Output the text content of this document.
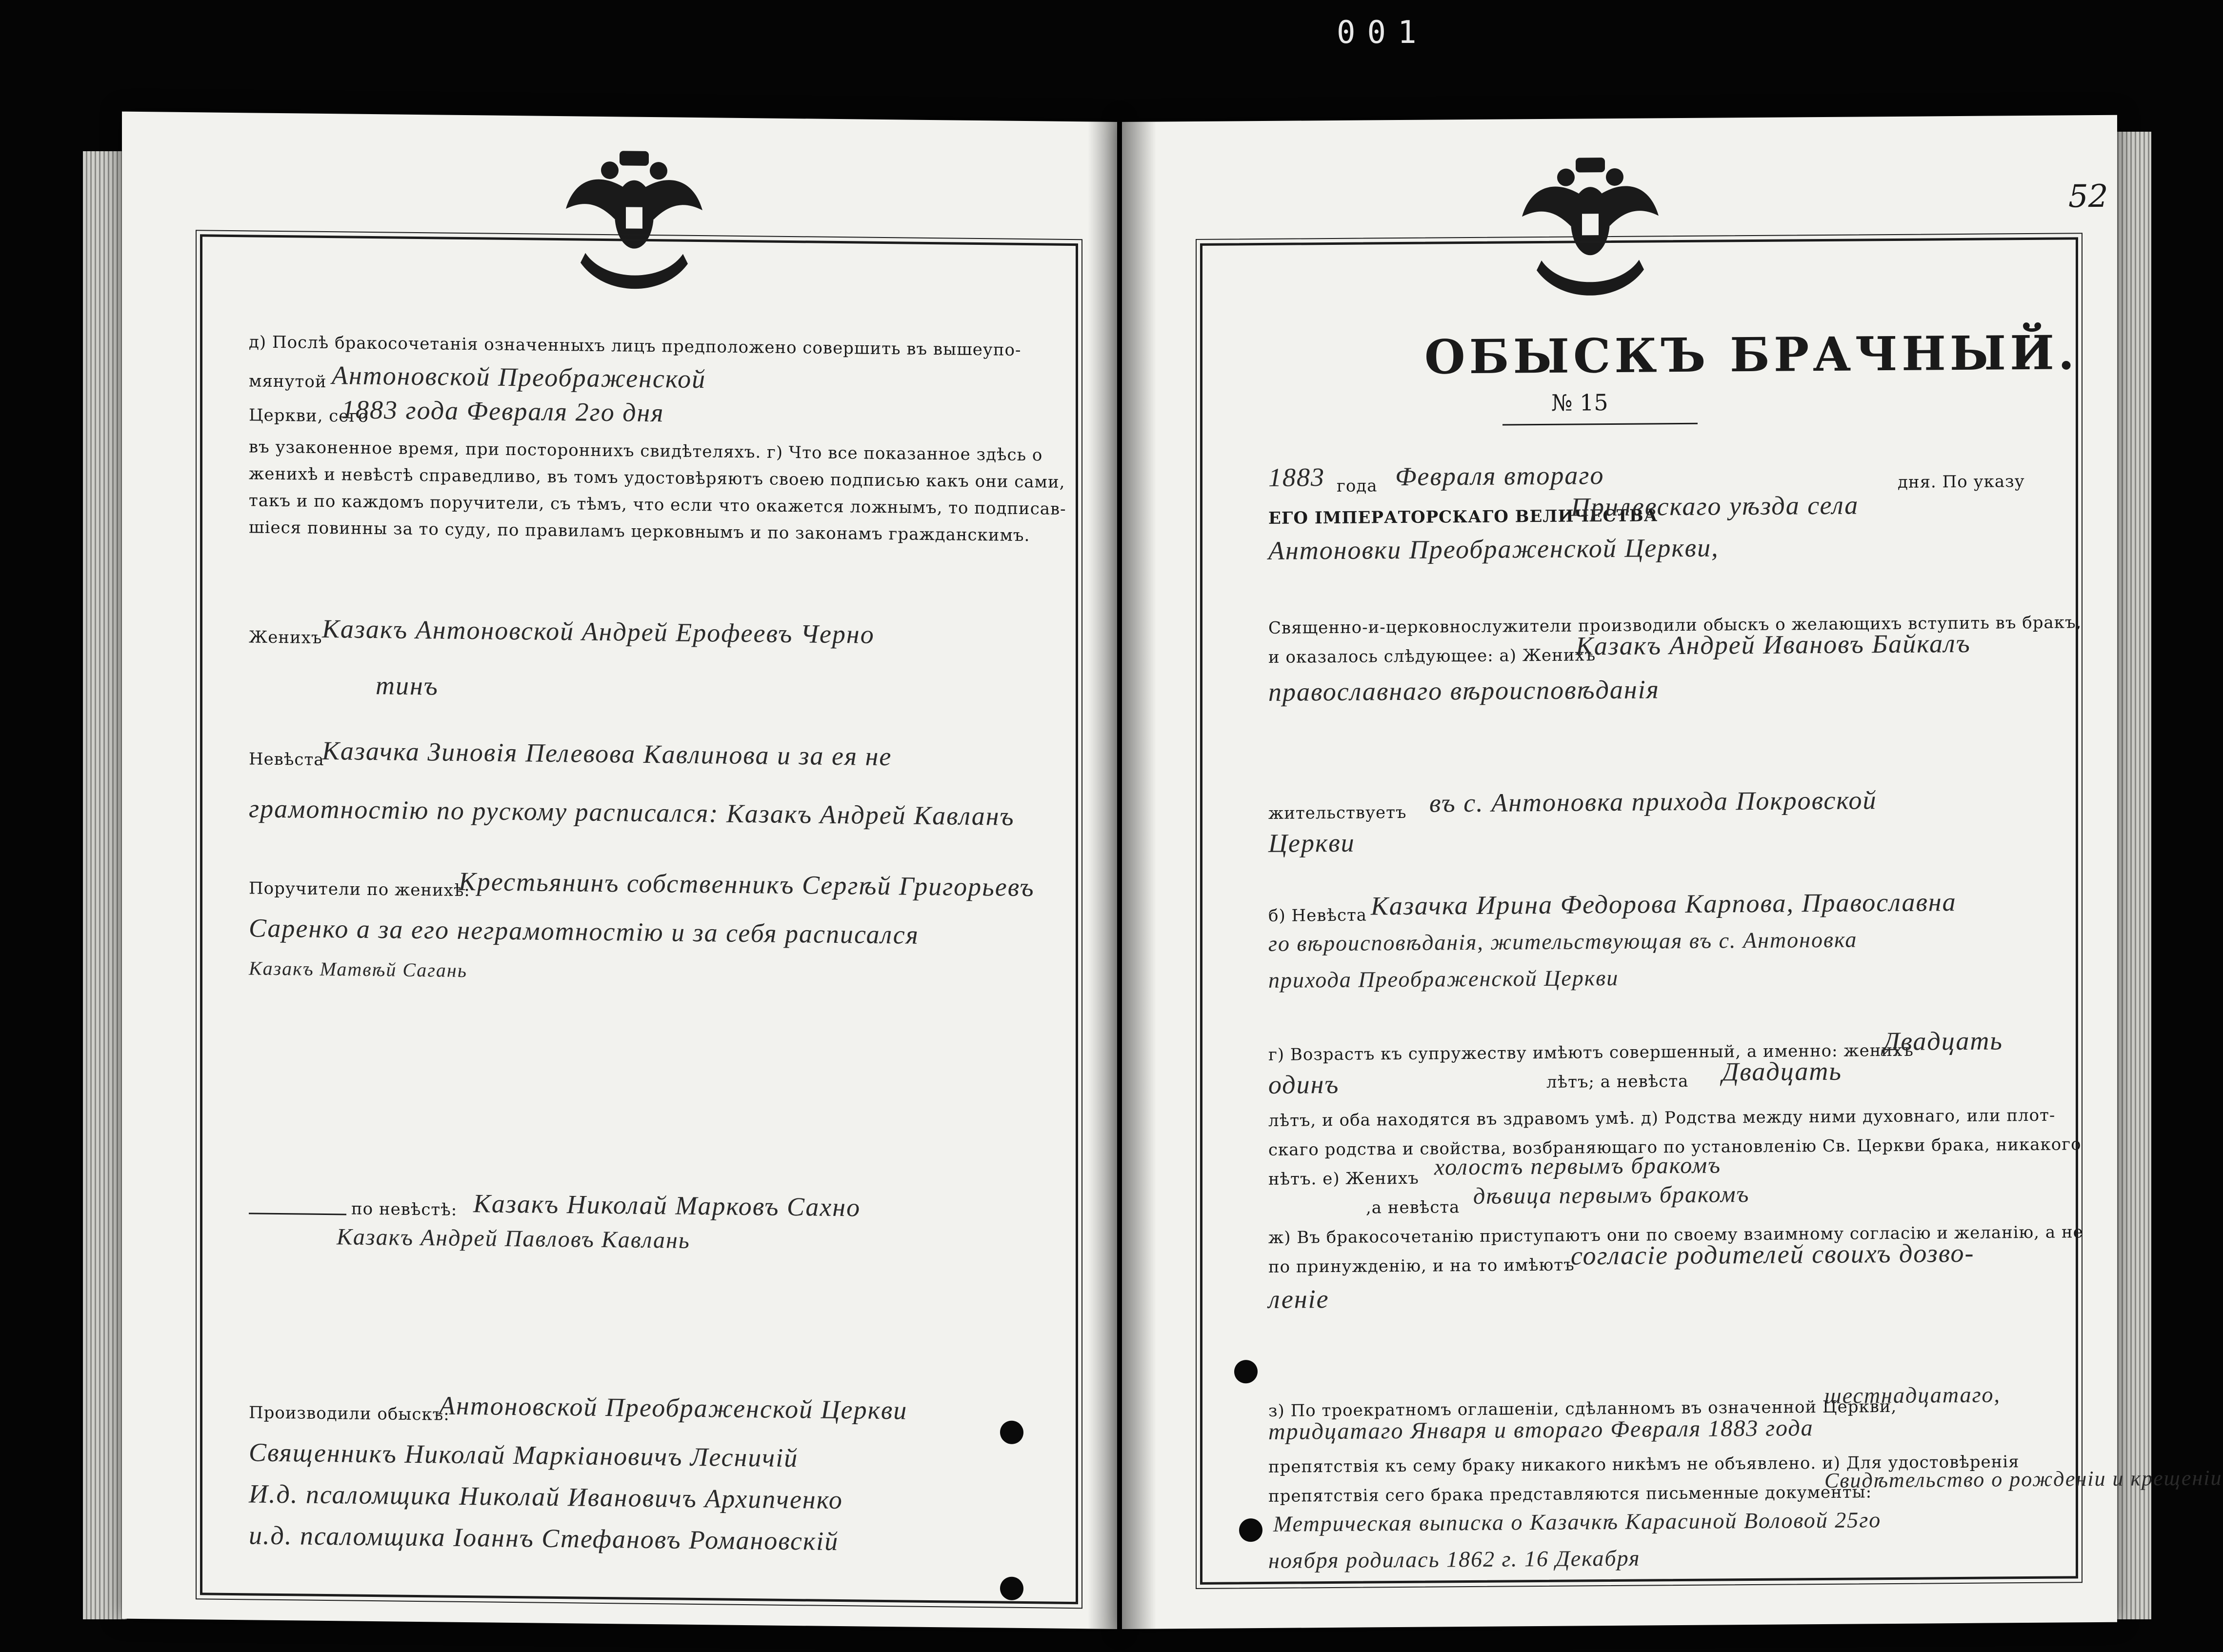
001
д) Послѣ бракосочетанія означенныхъ лицъ предположено совершить въ вышеупо-
мянутой Антоновской Преображенской
Церкви, сего
1883 года Февраля 2го дня
въ узаконенное время, при постороннихъ свидѣтеляхъ. г) Что все показанное здѣсь о
женихѣ и невѣстѣ справедливо, въ томъ удостовѣряютъ своею подписью какъ они сами,
такъ и по каждомъ поручители, съ тѣмъ, что если что окажется ложнымъ, то подписав-
шiеся повинны за то суду, по правиламъ церковнымъ и по законамъ гражданскимъ.
Женихъ Казакъ Антоновской Андрей Ерофеевъ Черно
тинъ
Невѣста
Казачка Зиновiя Пелевова Кавлинова и за ея не
грамотностiю по рускому расписался: Казакъ Андрей Кавланъ
Поручители по женихѣ:
Крестьянинъ собственникъ Сергѣй Григорьевъ
Саренко а за его неграмотностiю и за себя расписался
Казакъ Матвѣй Сагань
по невѣстѣ: Казакъ Николай Марковъ Сахно
Казакъ Андрей Павловъ Кавлань
Производили обыскъ:
Антоновской Преображенской Церкви
Священникъ Николай Маркiановичъ Лесничiй
И.д. псаломщика Николай Ивановичъ Архипченко
и.д. псаломщика Іоаннъ Стефановъ Романовскiй
52
ОБЫСКЪ БРАЧНЫЙ.
№ 15
1883 года Февраля втораго	дня. По указу
ЕГО ІМПЕРАТОРСКАГО ВЕЛИЧЕСТВА
Прилевскаго уѣзда села
Антоновки Преображенской Церкви,
Священно-и-церковнослужители производили обыскъ о желающихъ вступить въ бракъ,
и оказалось слѣдующее: а) Женихъ
Казакъ Андрей Ивановъ Байкалъ
православнаго вѣроисповѣданія
жительствуетъ въ с. Антоновка прихода Покровской
Церкви
б) Невѣста Казачка Ирина Федорова Карпова, Православна
го вѣроисповѣданія, жительствующая въ с. Антоновка
прихода Преображенской Церкви
г) Возрастъ къ супружеству имѣютъ совершенный, а именно: женихъ
Двадцать
одинъ	лѣтъ; а невѣста Двадцать
лѣтъ, и оба находятся въ здравомъ умѣ. д) Родства между ними духовнаго, или плот-
скаго родства и свойства, возбраняющаго по установленію Св. Церкви брака, никакого
нѣтъ. е) Женихъ холостъ первымъ бракомъ
,а невѣста дѣвица первымъ бракомъ
ж) Въ бракосочетанію приступаютъ они по своему взаимному согласію и желанію, а не
по принужденію, и на то имѣютъ
согласiе родителей своихъ дозво-
ленiе
з) По троекратномъ оглашеніи, сдѣланномъ въ означенной Церкви,
шестнадцатаго,
тридцатаго Января и втораго Февраля 1883 года
препятствія къ сему браку никакого никѣмъ не объявлено. и) Для удостовѣренія
препятствія сего брака представляются письменные документы:
Свидѣтельство о рожденiи и крещенiи
Метрическая выписка о Казачкѣ Карасиной Воловой 25го
ноября родилась 1862 г. 16 Декабря
